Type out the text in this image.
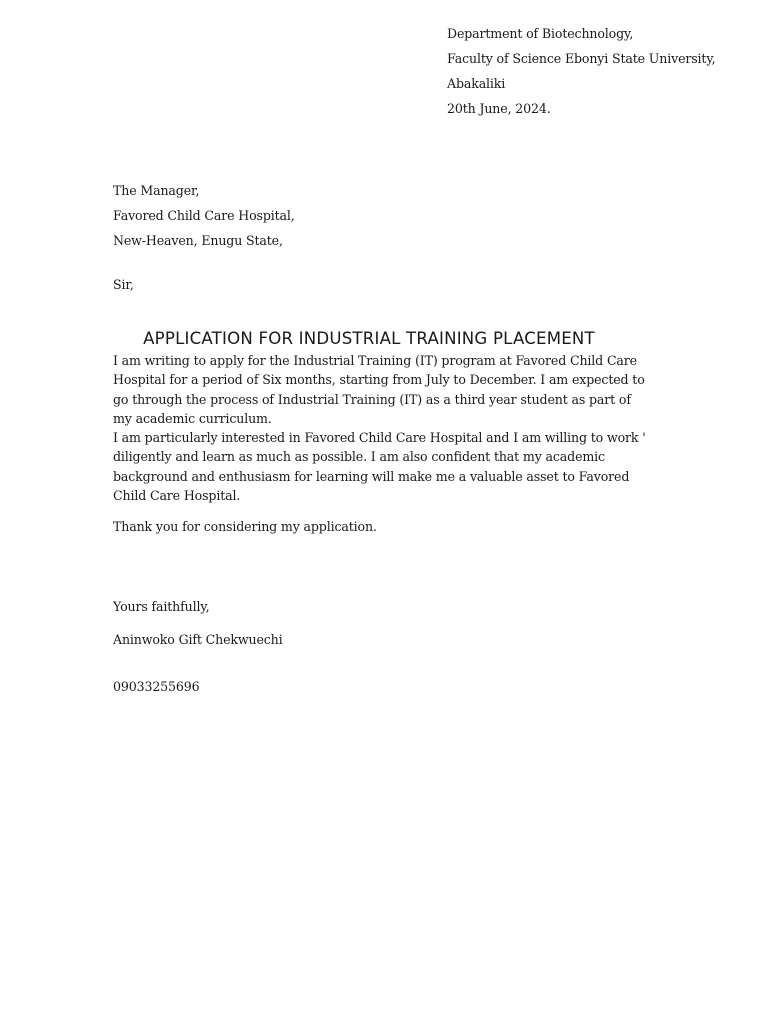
Department of Biotechnology,
Faculty of Science Ebonyi State University,
Abakaliki
20th June, 2024.
The Manager,
Favored Child Care Hospital,
New-Heaven, Enugu State,
Sir,
APPLICATION FOR INDUSTRIAL TRAINING PLACEMENT

I am writing to apply for the Industrial Training (IT) program at Favored Child Care Hospital for a period of Six months, starting from July to December. I am expected to go through the process of Industrial Training (IT) as a third year student as part of my academic curriculum.

I am particularly interested in Favored Child Care Hospital and I am willing to work ' diligently and learn as much as possible. I am also confident that my academic background and enthusiasm for learning will make me a valuable asset to Favored Child Care Hospital.

Thank you for considering my application.
Yours faithfully,
Aninwoko Gift Chekwuechi
09033255696
